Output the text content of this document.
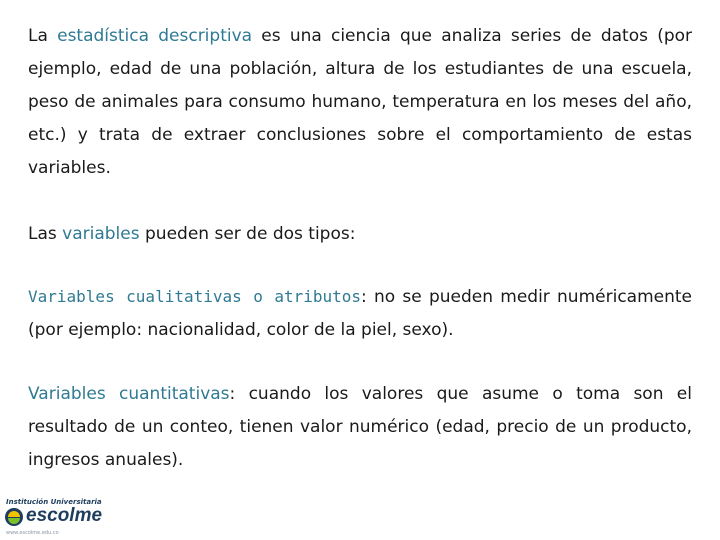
La estadística descriptiva es una ciencia que analiza series de datos (por ejemplo, edad de una población, altura de los estudiantes de una escuela, peso de animales para consumo humano, temperatura en los meses del año, etc.) y trata de extraer conclusiones sobre el comportamiento de estas variables.

Las variables pueden ser de dos tipos:

Variables cualitativas o atributos: no se pueden medir numéricamente (por ejemplo: nacionalidad, color de la piel, sexo).

Variables cuantitativas: cuando los valores que asume o toma son el resultado de un conteo, tienen valor numérico (edad, precio de un producto, ingresos anuales).

Institución Universitaria
escolme
www.escolme.edu.co
